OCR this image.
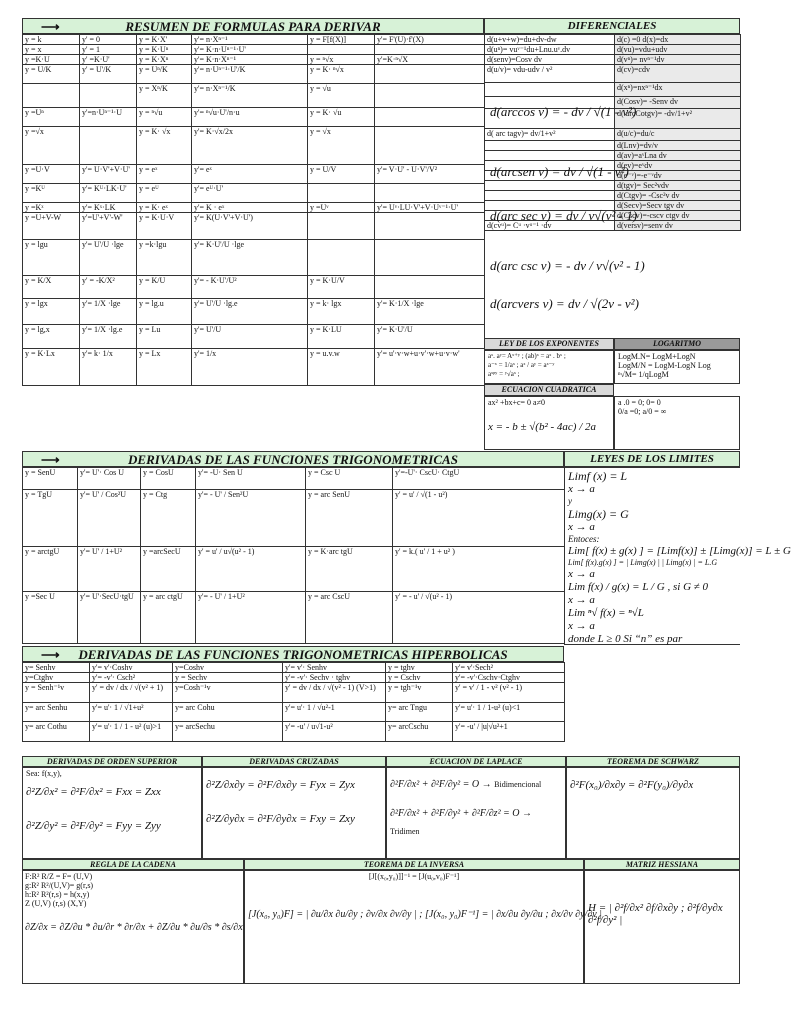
⟶	RESUMEN DE FORMULAS PARA DERIVAR	DIFERENCIALES
y = k	y' = 0	y = K·X'	y'= n·Xⁿ⁻¹	y = F[f(X)]	y'= F'(U)·f'(X)
y = x	y' = 1	y = K·Uⁿ	y'= K·n·Uⁿ⁻¹·U'		
y =K·U	y' =K·U'	y = K·Xⁿ	y'= K·n·Xⁿ⁻¹	y = ⁿ√x	y'=K·ⁿ√X
y = U/K	y' = U'/K	y = Uⁿ/K	y'= n·Uⁿ⁻¹·U'/K	y = K· ⁿ√x	
		y = Xⁿ/K	y'= n·Xⁿ⁻¹/K	y = √u	
y =Uⁿ	y'=n·Uⁿ⁻¹·U	y = ⁿ√u	y'= ⁿ√u·U'/n·u	y = K· √u	
y =√x		y = K· √x	y'= K·√x/2x	y = √x	
y =U·V	y'= U·V'+V·U'	y = eˣ	y'= eˣ	y = U/V	y'= V·U' - U·V'/V²
y =Kᵁ	y'= Kᵁ·LK·U'	y = eᵁ	y'= eᵁ·U'		
y =Kˣ	y'= Kˣ·LK	y = K· eˣ	y'= K · eˣ	y =Uᵛ	y'= Uᵛ·LU·V'+V·Uᵛ⁻¹·U'
y =U+V-W	y'=U'+V'-W'	y = K·U·V	y'= K(U·V'+V·U')		
y = lgu	y'= U'/U ·lge	y =k·lgu	y'= K·U'/U ·lge		
y = K/X	y' = -K/X²	y = K/U	y'= - K·U'/U²	y = K·U/V	
y = lgx	y'= 1/X ·lge	y = lg.u	y'= U'/U ·lg.e	y = k· lgx	y'= K·1/X ·lge
y = lg,x	y'= 1/X ·lg.e	y = Lu	y'= U'/U	y = K·LU	y'= K·U'/U
y = K·Lx	y'= k· 1/x	y = Lx	y'= 1/x	y = u.v.w	y'= u'·v·w+u·v'·w+u·v·w'
d(u+v+w)=du+dv-dw	d(c) =0 d(x)=dx
d(uⁿ)= vuᵛ⁻¹du+Lnu.uᵛ.dv	d(vu)=vdu+udv
d(senv)=Cosv dv	d(vⁿ)= nvⁿ⁻¹dv
d(u/v)= vdu-udv / v²	d(cv)=cdv
	d(xⁿ)=nxⁿ⁻¹dx
	d(Cosv)= -Senv dv
	d( arcCotgv)= -dv/1+v²
d( arc tagv)= dv/1+v²	d(u/c)=du/c
	d(Lnv)=dv/v
	d(av)=aᵛLna dv
	d(ev)=eᵛdv
	d(e⁻ᵛ)=-e⁻ᵛdv
	d(tgv)= Sec²vdv
	d(Ctgv)= -Csc²v dv
	d(Secv)=Secv tgv dv
	d(Cscv)=-cscv ctgv dv
d(cvᵘ)= Cᵘ ·vᵘ⁻¹ ·dv	d(versv)=senv dv
d(arccos v) = - dv / √(1 - v²)
d(arcsen v) = dv / √(1 - v²)
d(arc sec v) = dv / v√(v² - 1)
d(arc csc v) = - dv / v√(v² - 1)
d(arcvers v) = dv / √(2v - v²)
LEY DE LOS EXPONENTES	LOGARITMO
aˣ. aʸ= Aˣ⁺ʸ ; (ab)ˣ = aˣ . bˣ ;
a⁻ˣ = 1/aˣ ; aˣ / aʸ = aˣ⁻ʸ
aˣᵖʸ = ʸ√aˣ ;
LogM.N= LogM+LogN
LogM/N = LogM-LogN Log
ⁿ√M= 1/qLogM
ECUACION CUADRATICA
ax² +bx+c= 0 a≠0
x = - b ± √(b² - 4ac) / 2a
a .0 = 0; 0= 0
0/a =0; a/0 = ∞
⟶	DERIVADAS DE LAS FUNCIONES TRIGONOMETRICAS	LEYES DE LOS LIMITES
y = SenU	y'= U'· Cos U	y = CosU	y'= -U· Sen U	y = Csc U	y'=-U'· CscU· CtgU
y = TgU	y'= U' / Cos²U	y = Ctg	y'= - U' / Sen²U	y = arc SenU	y' = u' / √(1 - u²)
y = arctgU	y'= U' / 1+U²	y =arcSecU	y' = u' / u√(u² - 1)	y = K·arc tgU	y' = k.( u' / 1 + u² )
y =Sec U	y'= U'·SecU·tgU	y = arc ctgU	y'= - U' / 1+U²	y = arc CscU	y' = - u' / √(u² - 1)
Limf (x) = L
x → a
y
Limg(x) = G
x → a
Entoces:
Lim[ f(x) ± g(x) ] = [Limf(x)] ± [Limg(x)] = L ± G
Lim[ f(x).g(x) ] = | Limg(x) | | Limg(x) | = L.G
x → a
Lim f(x) / g(x) = L / G , si G ≠ 0
x → a
Lim ⁿ√ f(x) = ⁿ√L
x → a
donde L ≥ 0 Si “n” es par
⟶ DERIVADAS DE LAS FUNCIONES TRIGONOMETRICAS HIPERBOLICAS
y= Senhv	y'= v'·Coshv	y=Coshv	y'= v'· Senhv	y = tghv	y'= v'·Sech²
y=Ctghv	y'= -v'· Csch²	y = Sechv	y'= -v'· Sechv · tghv	y = Cschv	y'= -v'·Cschv·Ctghv
y = Senh⁻¹v	y' = dv / dx / √(v² + 1)	y=Cosh⁻¹v	y' = dv / dx / √(v² - 1) (V>1)	y = tgh⁻¹v	y' = v' / 1 - v² (v² - 1)
y= arc Senhu	y'= u'· 1 / √1+u²	y= arc Cohu	y'= u'· 1 / √u²-1	y= arc Tngu	y'= u'· 1 / 1-u² (u)<1
y= arc Cothu	y'= u'· 1 / 1 - u² (u)>1	y= arcSechu	y'= -u' / u√1-u²	y= arcCschu	y'= -u' / |u|√u²+1
DERIVADAS DE ORDEN SUPERIOR	DERIVADAS CRUZADAS	ECUACION DE LAPLACE	TEOREMA DE SCHWARZ
Sea: f(x,y),
∂²Z/∂x² = ∂²F/∂x² = Fxx = Zxx
∂²Z/∂y² = ∂²F/∂y² = Fyy = Zyy
∂²Z/∂x∂y = ∂²F/∂x∂y = Fyx = Zyx
∂²Z/∂y∂x = ∂²F/∂y∂x = Fxy = Zxy
∂²F/∂x² + ∂²F/∂y² = O → Bidimencional
∂²F/∂x² + ∂²F/∂y² + ∂²F/∂z² = O →
Tridimen
∂²F(x₀)/∂x∂y = ∂²F(y₀)/∂y∂x
REGLA DE LA CADENA	TEOREMA DE LA INVERSA	MATRIZ HESSIANA
F:R² R/Z = F= (U,V)
g:R² R²/(U,V)= g(r,s)
h:R² R²(r,s) = h(x,y)
Z (U,V) (r,s) (X,Y)
∂Z/∂x = ∂Z/∂u * ∂u/∂r * ∂r/∂x + ∂Z/∂u * ∂u/∂s * ∂s/∂x
[J[(x₀,y₀)]]⁻¹ = [J(u₀,v₀)F⁻¹]
[J(x₀, y₀)F] = | ∂u/∂x ∂u/∂y ; ∂v/∂x ∂v/∂y | ; [J(x₀, y₀)F⁻¹] = | ∂x/∂u ∂y/∂u ; ∂x/∂v ∂y/∂v |
H = | ∂²f/∂x² ∂f/∂x∂y ; ∂²f/∂y∂x ∂²f/∂y² |
